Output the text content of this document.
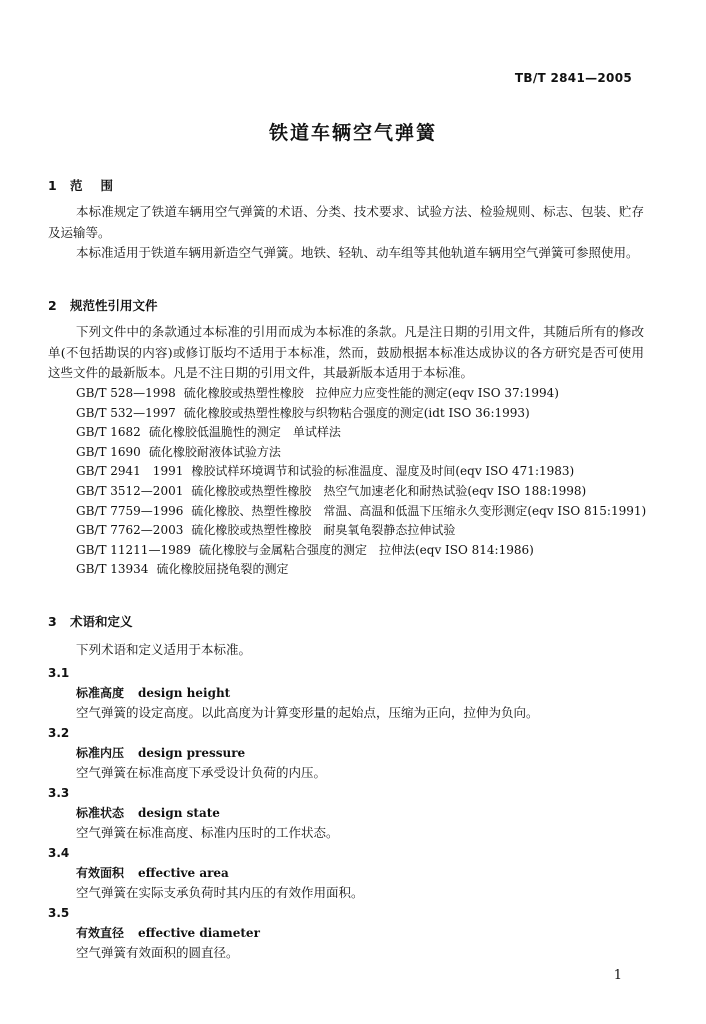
TB/T 2841—2005
铁道车辆空气弹簧
1 范围
本标准规定了铁道车辆用空气弹簧的术语、分类、技术要求、试验方法、检验规则、标志、包装、贮存及运输等。
本标准适用于铁道车辆用新造空气弹簧。地铁、轻轨、动车组等其他轨道车辆用空气弹簧可参照使用。
2 规范性引用文件
下列文件中的条款通过本标准的引用而成为本标准的条款。凡是注日期的引用文件，其随后所有的修改单(不包括勘误的内容)或修订版均不适用于本标准，然而，鼓励根据本标准达成协议的各方研究是否可使用这些文件的最新版本。凡是不注日期的引用文件，其最新版本适用于本标准。
GB/T 528—1998 硫化橡胶或热塑性橡胶　拉伸应力应变性能的测定(eqv ISO 37:1994)
GB/T 532—1997 硫化橡胶或热塑性橡胶与织物粘合强度的测定(idt ISO 36:1993)
GB/T 1682 硫化橡胶低温脆性的测定　单试样法
GB/T 1690 硫化橡胶耐液体试验方法
GB/T 2941　1991 橡胶试样环境调节和试验的标准温度、湿度及时间(eqv ISO 471:1983)
GB/T 3512—2001 硫化橡胶或热塑性橡胶　热空气加速老化和耐热试验(eqv ISO 188:1998)
GB/T 7759—1996 硫化橡胶、热塑性橡胶　常温、高温和低温下压缩永久变形测定(eqv ISO 815:1991)
GB/T 7762—2003 硫化橡胶或热塑性橡胶　耐臭氧龟裂静态拉伸试验
GB/T 11211—1989 硫化橡胶与金属粘合强度的测定　拉伸法(eqv ISO 814:1986)
GB/T 13934 硫化橡胶屈挠龟裂的测定
3 术语和定义
下列术语和定义适用于本标准。
3.1
标准高度 design height
空气弹簧的设定高度。以此高度为计算变形量的起始点，压缩为正向，拉伸为负向。
3.2
标准内压 design pressure
空气弹簧在标准高度下承受设计负荷的内压。
3.3
标准状态 design state
空气弹簧在标准高度、标准内压时的工作状态。
3.4
有效面积 effective area
空气弹簧在实际支承负荷时其内压的有效作用面积。
3.5
有效直径 effective diameter
空气弹簧有效面积的圆直径。
1
